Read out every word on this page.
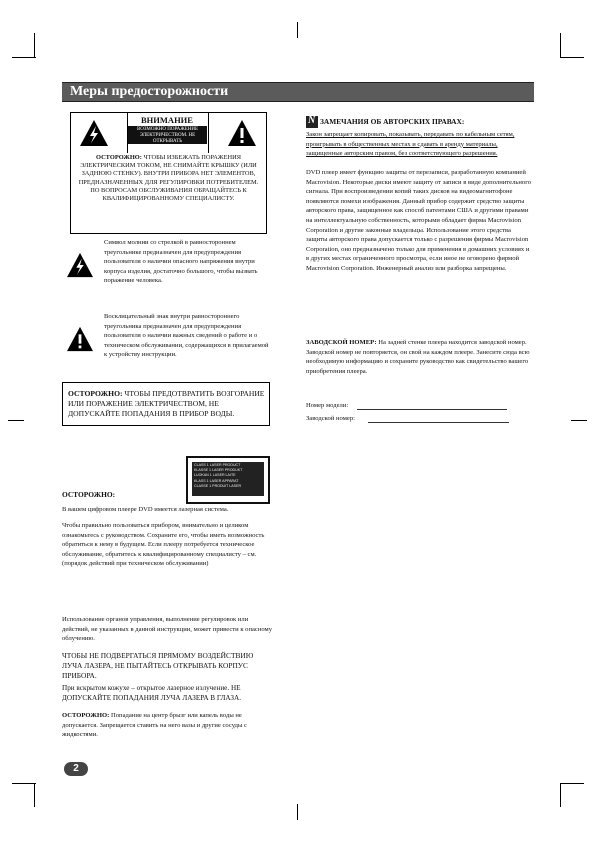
Меры предосторожности
ВНИМАНИЕ
ВОЗМОЖНО ПОРАЖЕНИЕ ЭЛЕКТРИЧЕСТВОМ. НЕ ОТКРЫВАТЬ
ОСТОРОЖНО: ЧТОБЫ ИЗБЕЖАТЬ ПОРАЖЕНИЯ ЭЛЕКТРИЧЕСКИМ ТОКОМ, НЕ СНИМАЙТЕ КРЫШКУ (ИЛИ ЗАДНЮЮ СТЕНКУ). ВНУТРИ ПРИБОРА НЕТ ЭЛЕМЕНТОВ, ПРЕДНАЗНАЧЕННЫХ ДЛЯ РЕГУЛИРОВКИ ПОТРЕБИТЕЛЕМ. ПО ВОПРОСАМ ОБСЛУЖИВАНИЯ ОБРАЩАЙТЕСЬ К КВАЛИФИЦИРОВАННОМУ СПЕЦИАЛИСТУ.
Символ молнии со стрелкой в равностороннем треугольнике предназначен для предупреждения пользователя о наличии опасного напряжения внутри корпуса изделия, достаточно большого, чтобы вызвать поражение человека.
Восклицательный знак внутри равностороннего треугольника предназначен для предупреждения пользователя о наличии важных сведений о работе и о техническом обслуживании, содержащихся в прилагаемой к устройству инструкции.
ОСТОРОЖНО: ЧТОБЫ ПРЕДОТВРАТИТЬ ВОЗГОРАНИЕ ИЛИ ПОРАЖЕНИЕ ЭЛЕКТРИЧЕСТВОМ, НЕ ДОПУСКАЙТЕ ПОПАДАНИЯ В ПРИБОР ВОДЫ.
CLASS 1 LASER PRODUCT
KLASSE 1 LASER PRODUKT
LUOKAN 1 LASER LAITE
KLASS 1 LASER APPARAT
CLASSE 1 PRODUIT LASER
ОСТОРОЖНО:
В вашем цифровом плеере DVD имеется лазерная система.
Чтобы правильно пользоваться прибором, внимательно и целиком ознакомьтесь с руководством. Сохраните его, чтобы иметь возможность обратиться к нему в будущем. Если плееру потребуется техническое обслуживание, обратитесь к квалифицированному специалисту – см. (порядок действий при техническом обслуживании)
Использование органов управления, выполнение регулировок или действий, не указанных в данной инструкции, может привести к опасному облучению.
ЧТОБЫ НЕ ПОДВЕРГАТЬСЯ ПРЯМОМУ ВОЗДЕЙСТВИЮ ЛУЧА ЛАЗЕРА, НЕ ПЫТАЙТЕСЬ ОТКРЫВАТЬ КОРПУС ПРИБОРА.
При вскрытом кожухе – открытое лазерное излучение. НЕ ДОПУСКАЙТЕ ПОПАДАНИЯ ЛУЧА ЛАЗЕРА В ГЛАЗА.
ОСТОРОЖНО: Попадание на центр брызг или капель воды не допускается. Запрещается ставить на него вазы и другие сосуды с жидкостями.
N ЗАМЕЧАНИЯ ОБ АВТОРСКИХ ПРАВАХ:
Закон запрещает копировать, показывать, передавать по кабельным сетям, проигрывать в общественных местах и сдавать в аренду материалы, защищенные авторским правом, без соответствующего разрешения.
DVD плеер имеет функцию защиты от перезаписи, разработанную компанией Macrovision. Некоторые диски имеют защиту от записи в виде дополнительного сигнала. При воспроизведении копий таких дисков на видеомагнитофоне появляются помехи изображения. Данный прибор содержит средство защиты авторского права, защищенное как способ патентами США и другими правами на интеллектуальную собственность, которыми обладает фирма Macrovision Corporation и другие законные владельцы. Использование этого средства защиты авторского права допускается только с разрешения фирмы Macrovision Corporation, оно предназначено только для применения в домашних условиях и в других местах ограниченного просмотра, если иное не оговорено фирмой Macrovision Corporation. Инженерный анализ или разборка запрещены.
ЗАВОДСКОЙ НОМЕР: На задней стенке плеера находится заводской номер. Заводской номер не повторяется, он свой на каждом плеере. Занесите сюда всю необходимую информацию и сохраните руководство как свидетельство вашего приобретения плеера.
Номер модели:
Заводской номер:
2
